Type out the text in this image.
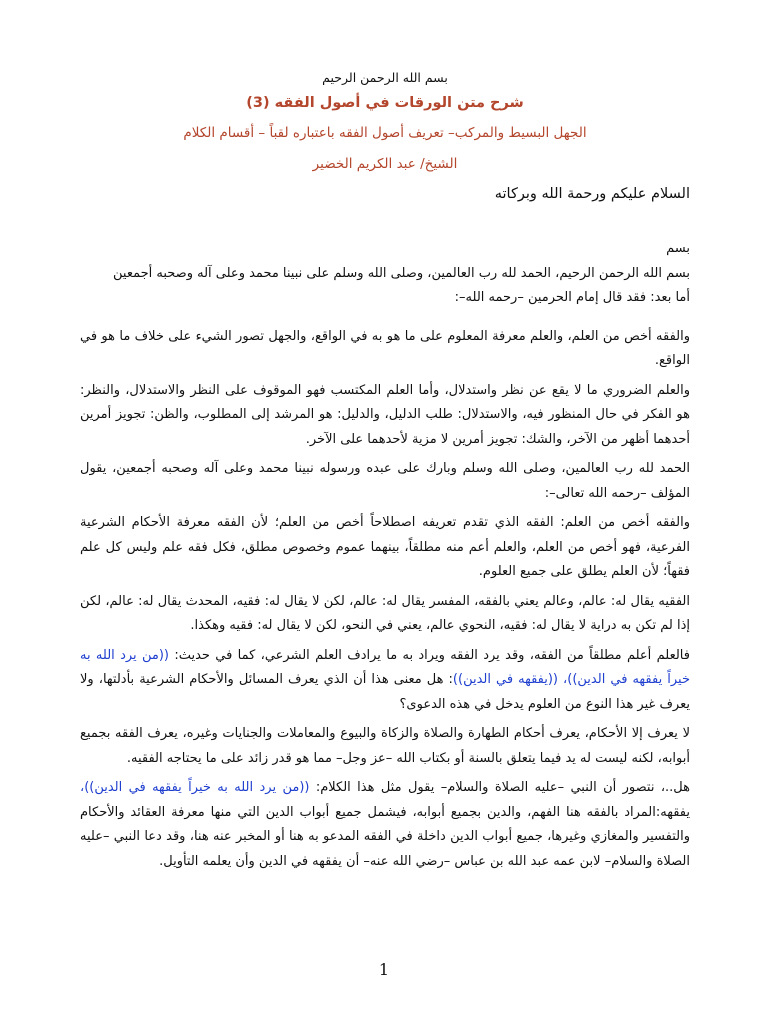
بسم الله الرحمن الرحيم
شرح متن الورقات في أصول الفقه (3)
الجهل البسيط والمركب– تعريف أصول الفقه باعتباره لقباً – أقسام الكلام
الشيخ/ عبد الكريم الخضير
السلام عليكم ورحمة الله وبركاته

بسم

بسم الله الرحمن الرحيم، الحمد لله رب العالمين، وصلى الله وسلم على نبينا محمد وعلى آله وصحبه أجمعين

أما بعد: فقد قال إمام الحرمين –رحمه الله–:

والفقه أخص من العلم، والعلم معرفة المعلوم على ما هو به في الواقع، والجهل تصور الشيء على خلاف ما هو في الواقع.

والعلم الضروري ما لا يقع عن نظر واستدلال، وأما العلم المكتسب فهو الموقوف على النظر والاستدلال، والنظر: هو الفكر في حال المنظور فيه، والاستدلال: طلب الدليل، والدليل: هو المرشد إلى المطلوب، والظن: تجويز أمرين أحدهما أظهر من الآخر، والشك: تجويز أمرين لا مزية لأحدهما على الآخر.

الحمد لله رب العالمين، وصلى الله وسلم وبارك على عبده ورسوله نبينا محمد وعلى آله وصحبه أجمعين، يقول المؤلف –رحمه الله تعالى–:

والفقه أخص من العلم: الفقه الذي تقدم تعريفه اصطلاحاً أخص من العلم؛ لأن الفقه معرفة الأحكام الشرعية الفرعية، فهو أخص من العلم، والعلم أعم منه مطلقاً، بينهما عموم وخصوص مطلق، فكل فقه علم وليس كل علم فقهاً؛ لأن العلم يطلق على جميع العلوم.

الفقيه يقال له: عالم، وعالم يعني بالفقه، المفسر يقال له: عالم، لكن لا يقال له: فقيه، المحدث يقال له: عالم، لكن إذا لم تكن به دراية لا يقال له: فقيه، النحوي عالم، يعني في النحو، لكن لا يقال له: فقيه وهكذا.

فالعلم أعلم مطلقاً من الفقه، وقد يرد الفقه ويراد به ما يرادف العلم الشرعي، كما في حديث: ((من يرد الله به خيراً يفقهه في الدين))، ((يفقهه في الدين)): هل معنى هذا أن الذي يعرف المسائل والأحكام الشرعية بأدلتها، ولا يعرف غير هذا النوع من العلوم يدخل في هذه الدعوى؟

لا يعرف إلا الأحكام، يعرف أحكام الطهارة والصلاة والزكاة والبيوع والمعاملات والجنايات وغيره، يعرف الفقه بجميع أبوابه، لكنه ليست له يد فيما يتعلق بالسنة أو بكتاب الله –عز وجل– مما هو قدر زائد على ما يحتاجه الفقيه.

هل..، نتصور أن النبي –عليه الصلاة والسلام– يقول مثل هذا الكلام: ((من يرد الله به خيراً يفقهه في الدين))، يفقهه:المراد بالفقه هنا الفهم، والدين بجميع أبوابه، فيشمل جميع أبواب الدين التي منها معرفة العقائد والأحكام والتفسير والمغازي وغيرها، جميع أبواب الدين داخلة في الفقه المدعو به هنا أو المخبر عنه هنا، وقد دعا النبي –عليه الصلاة والسلام– لابن عمه عبد الله بن عباس –رضي الله عنه– أن يفقهه في الدين وأن يعلمه التأويل.

1
